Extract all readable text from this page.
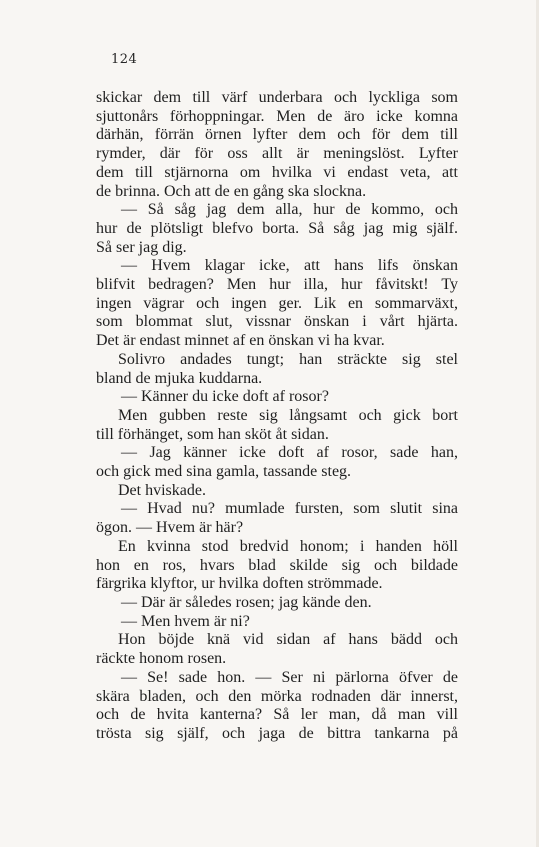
124
skickar dem till värf underbara och lyckliga som
sjuttonårs förhoppningar. Men de äro icke komna
därhän, förrän örnen lyfter dem och för dem till
rymder, där för oss allt är meningslöst. Lyfter
dem till stjärnorna om hvilka vi endast veta, att
de brinna. Och att de en gång ska slockna.
— Så såg jag dem alla, hur de kommo, och
hur de plötsligt blefvo borta. Så såg jag mig själf.
Så ser jag dig.
— Hvem klagar icke, att hans lifs önskan
blifvit bedragen? Men hur illa, hur fåvitskt! Ty
ingen vägrar och ingen ger. Lik en sommarväxt,
som blommat slut, vissnar önskan i vårt hjärta.
Det är endast minnet af en önskan vi ha kvar.
Solivro andades tungt; han sträckte sig stel
bland de mjuka kuddarna.
— Känner du icke doft af rosor?
Men gubben reste sig långsamt och gick bort
till förhänget, som han sköt åt sidan.
— Jag känner icke doft af rosor, sade han,
och gick med sina gamla, tassande steg.
Det hviskade.
— Hvad nu? mumlade fursten, som slutit sina
ögon. — Hvem är här?
En kvinna stod bredvid honom; i handen höll
hon en ros, hvars blad skilde sig och bildade
färgrika klyftor, ur hvilka doften strömmade.
— Där är således rosen; jag kände den.
— Men hvem är ni?
Hon böjde knä vid sidan af hans bädd och
räckte honom rosen.
— Se! sade hon. — Ser ni pärlorna öfver de
skära bladen, och den mörka rodnaden där innerst,
och de hvita kanterna? Så ler man, då man vill
trösta sig själf, och jaga de bittra tankarna på
